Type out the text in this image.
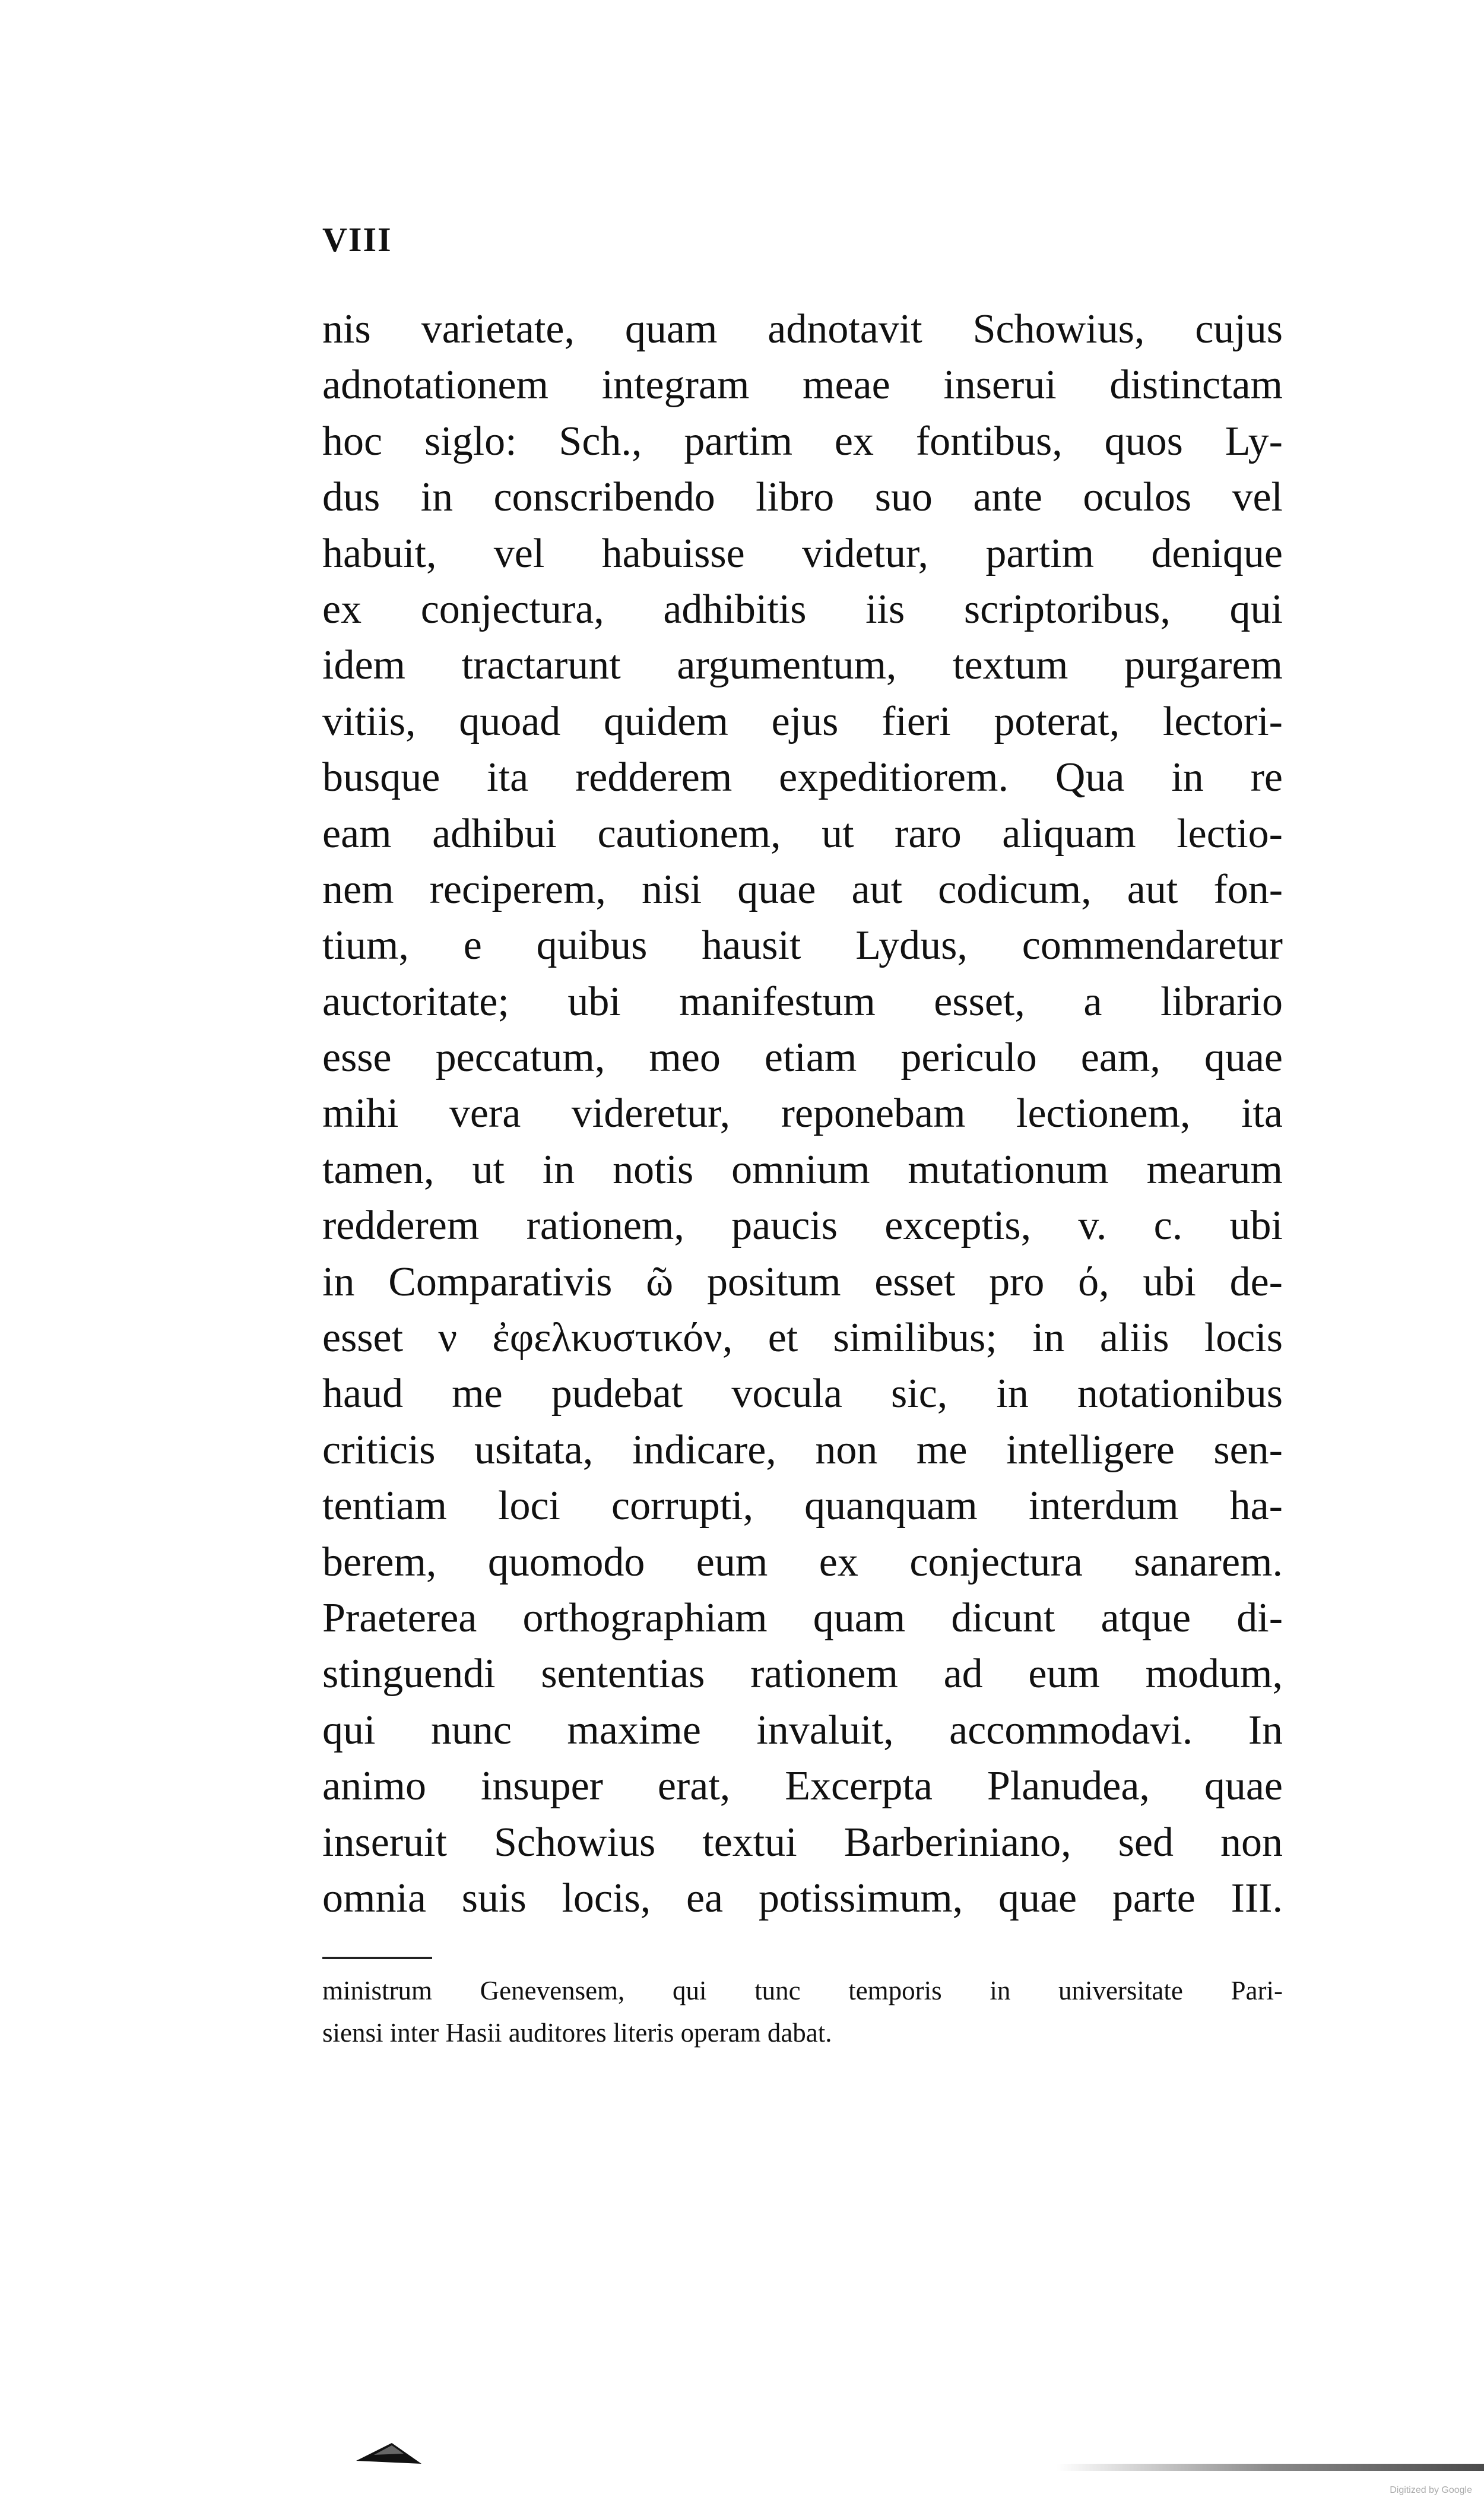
VIII
nis varietate, quam adnotavit Schowius, cujus
adnotationem integram meae inserui distinctam
hoc siglo: Sch., partim ex fontibus, quos Ly-
dus in conscribendo libro suo ante oculos vel
habuit, vel habuisse videtur, partim denique
ex conjectura, adhibitis iis scriptoribus, qui
idem tractarunt argumentum, textum purgarem
vitiis, quoad quidem ejus fieri poterat, lectori-
busque ita redderem expeditiorem. Qua in re
eam adhibui cautionem, ut raro aliquam lectio-
nem reciperem, nisi quae aut codicum, aut fon-
tium, e quibus hausit Lydus, commendaretur
auctoritate; ubi manifestum esset, a librario
esse peccatum, meo etiam periculo eam, quae
mihi vera videretur, reponebam lectionem, ita
tamen, ut in notis omnium mutationum mearum
redderem rationem, paucis exceptis, v. c. ubi
in Comparativis ῶ positum esset pro ό, ubi de-
esset ν ἐφελκυστικόν, et similibus; in aliis locis
haud me pudebat vocula sic, in notationibus
criticis usitata, indicare, non me intelligere sen-
tentiam loci corrupti, quanquam interdum ha-
berem, quomodo eum ex conjectura sanarem.
Praeterea orthographiam quam dicunt atque di-
stinguendi sententias rationem ad eum modum,
qui nunc maxime invaluit, accommodavi. In
animo insuper erat, Excerpta Planudea, quae
inseruit Schowius textui Barberiniano, sed non
omnia suis locis, ea potissimum, quae parte III.
ministrum Genevensem, qui tunc temporis in universitate Pari-
siensi inter Hasii auditores literis operam dabat.
Digitized by Google
